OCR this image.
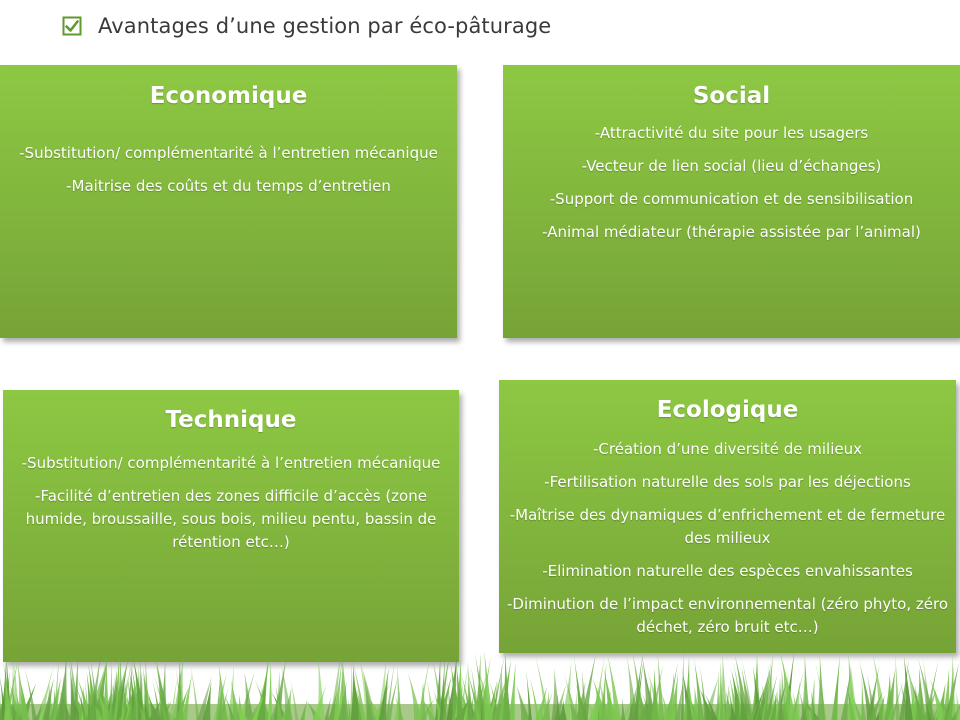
Avantages d’une gestion par éco-pâturage
Economique

-Substitution/ complémentarité à l’entretien mécanique

-Maitrise des coûts et du temps d’entretien

Social

-Attractivité du site pour les usagers

-Vecteur de lien social (lieu d’échanges)

-Support de communication et de sensibilisation

-Animal médiateur (thérapie assistée par l’animal)

Technique

-Substitution/ complémentarité à l’entretien mécanique

-Facilité d’entretien des zones difficile d’accès (zone humide, broussaille, sous bois, milieu pentu, bassin de rétention etc…)

Ecologique

-Création d’une diversité de milieux

-Fertilisation naturelle des sols par les déjections

-Maîtrise des dynamiques d’enfrichement et de fermeture des milieux

-Elimination naturelle des espèces envahissantes

-Diminution de l’impact environnemental (zéro phyto, zéro déchet, zéro bruit etc…)
